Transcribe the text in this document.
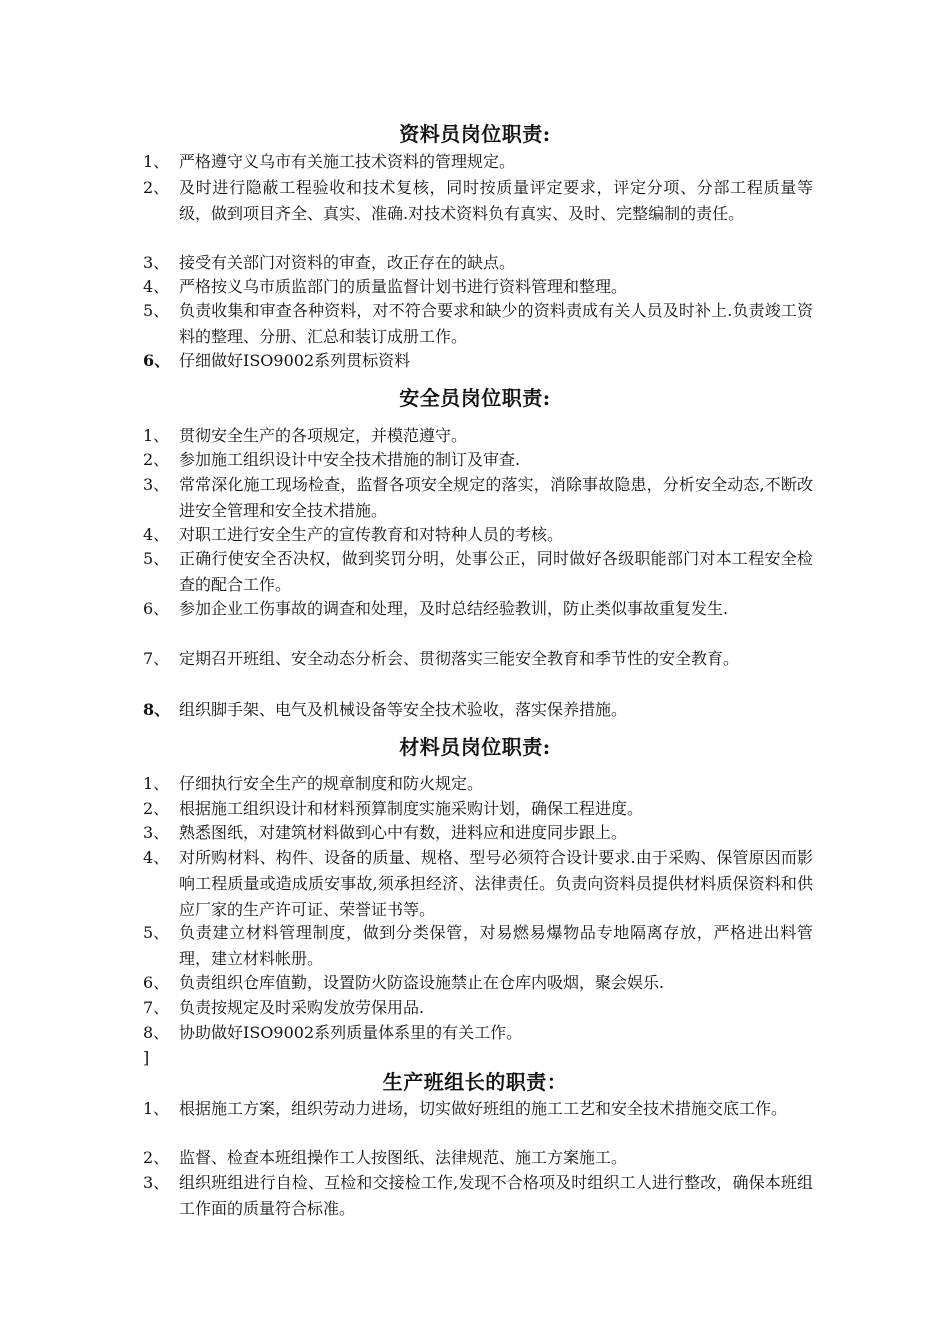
资料员岗位职责:
1、 严格遵守义乌市有关施工技术资料的管理规定。
2、 及时进行隐蔽工程验收和技术复核，同时按质量评定要求，评定分项、分部工程质量等级，做到项目齐全、真实、准确.对技术资料负有真实、及时、完整编制的责任。
3、 接受有关部门对资料的审查，改正存在的缺点。
4、 严格按义乌市质监部门的质量监督计划书进行资料管理和整理。
5、 负责收集和审查各种资料，对不符合要求和缺少的资料责成有关人员及时补上.负责竣工资料的整理、分册、汇总和装订成册工作。
6、 仔细做好ISO9002系列贯标资料
安全员岗位职责:
1、 贯彻安全生产的各项规定，并模范遵守。
2、 参加施工组织设计中安全技术措施的制订及审查.
3、 常常深化施工现场检查，监督各项安全规定的落实，消除事故隐患，分析安全动态,不断改进安全管理和安全技术措施。
4、 对职工进行安全生产的宣传教育和对特种人员的考核。
5、 正确行使安全否决权，做到奖罚分明，处事公正，同时做好各级职能部门对本工程安全检查的配合工作。
6、 参加企业工伤事故的调查和处理，及时总结经验教训，防止类似事故重复发生.
7、 定期召开班组、安全动态分析会、贯彻落实三能安全教育和季节性的安全教育。
8、 组织脚手架、电气及机械设备等安全技术验收，落实保养措施。
材料员岗位职责:
1、 仔细执行安全生产的规章制度和防火规定。
2、 根据施工组织设计和材料预算制度实施采购计划，确保工程进度。
3、 熟悉图纸，对建筑材料做到心中有数，进料应和进度同步跟上。
4、 对所购材料、构件、设备的质量、规格、型号必须符合设计要求.由于采购、保管原因而影响工程质量或造成质安事故,须承担经济、法律责任。负责向资料员提供材料质保资料和供应厂家的生产许可证、荣誉证书等。
5、 负责建立材料管理制度，做到分类保管，对易燃易爆物品专地隔离存放，严格进出料管理，建立材料帐册。
6、 负责组织仓库值勤，设置防火防盗设施禁止在仓库内吸烟，聚会娱乐.
7、 负责按规定及时采购发放劳保用品.
8、 协助做好ISO9002系列质量体系里的有关工作。
]
生产班组长的职责：
1、 根据施工方案，组织劳动力进场，切实做好班组的施工工艺和安全技术措施交底工作。
2、 监督、检查本班组操作工人按图纸、法律规范、施工方案施工。
3、 组织班组进行自检、互检和交接检工作,发现不合格项及时组织工人进行整改，确保本班组工作面的质量符合标准。
